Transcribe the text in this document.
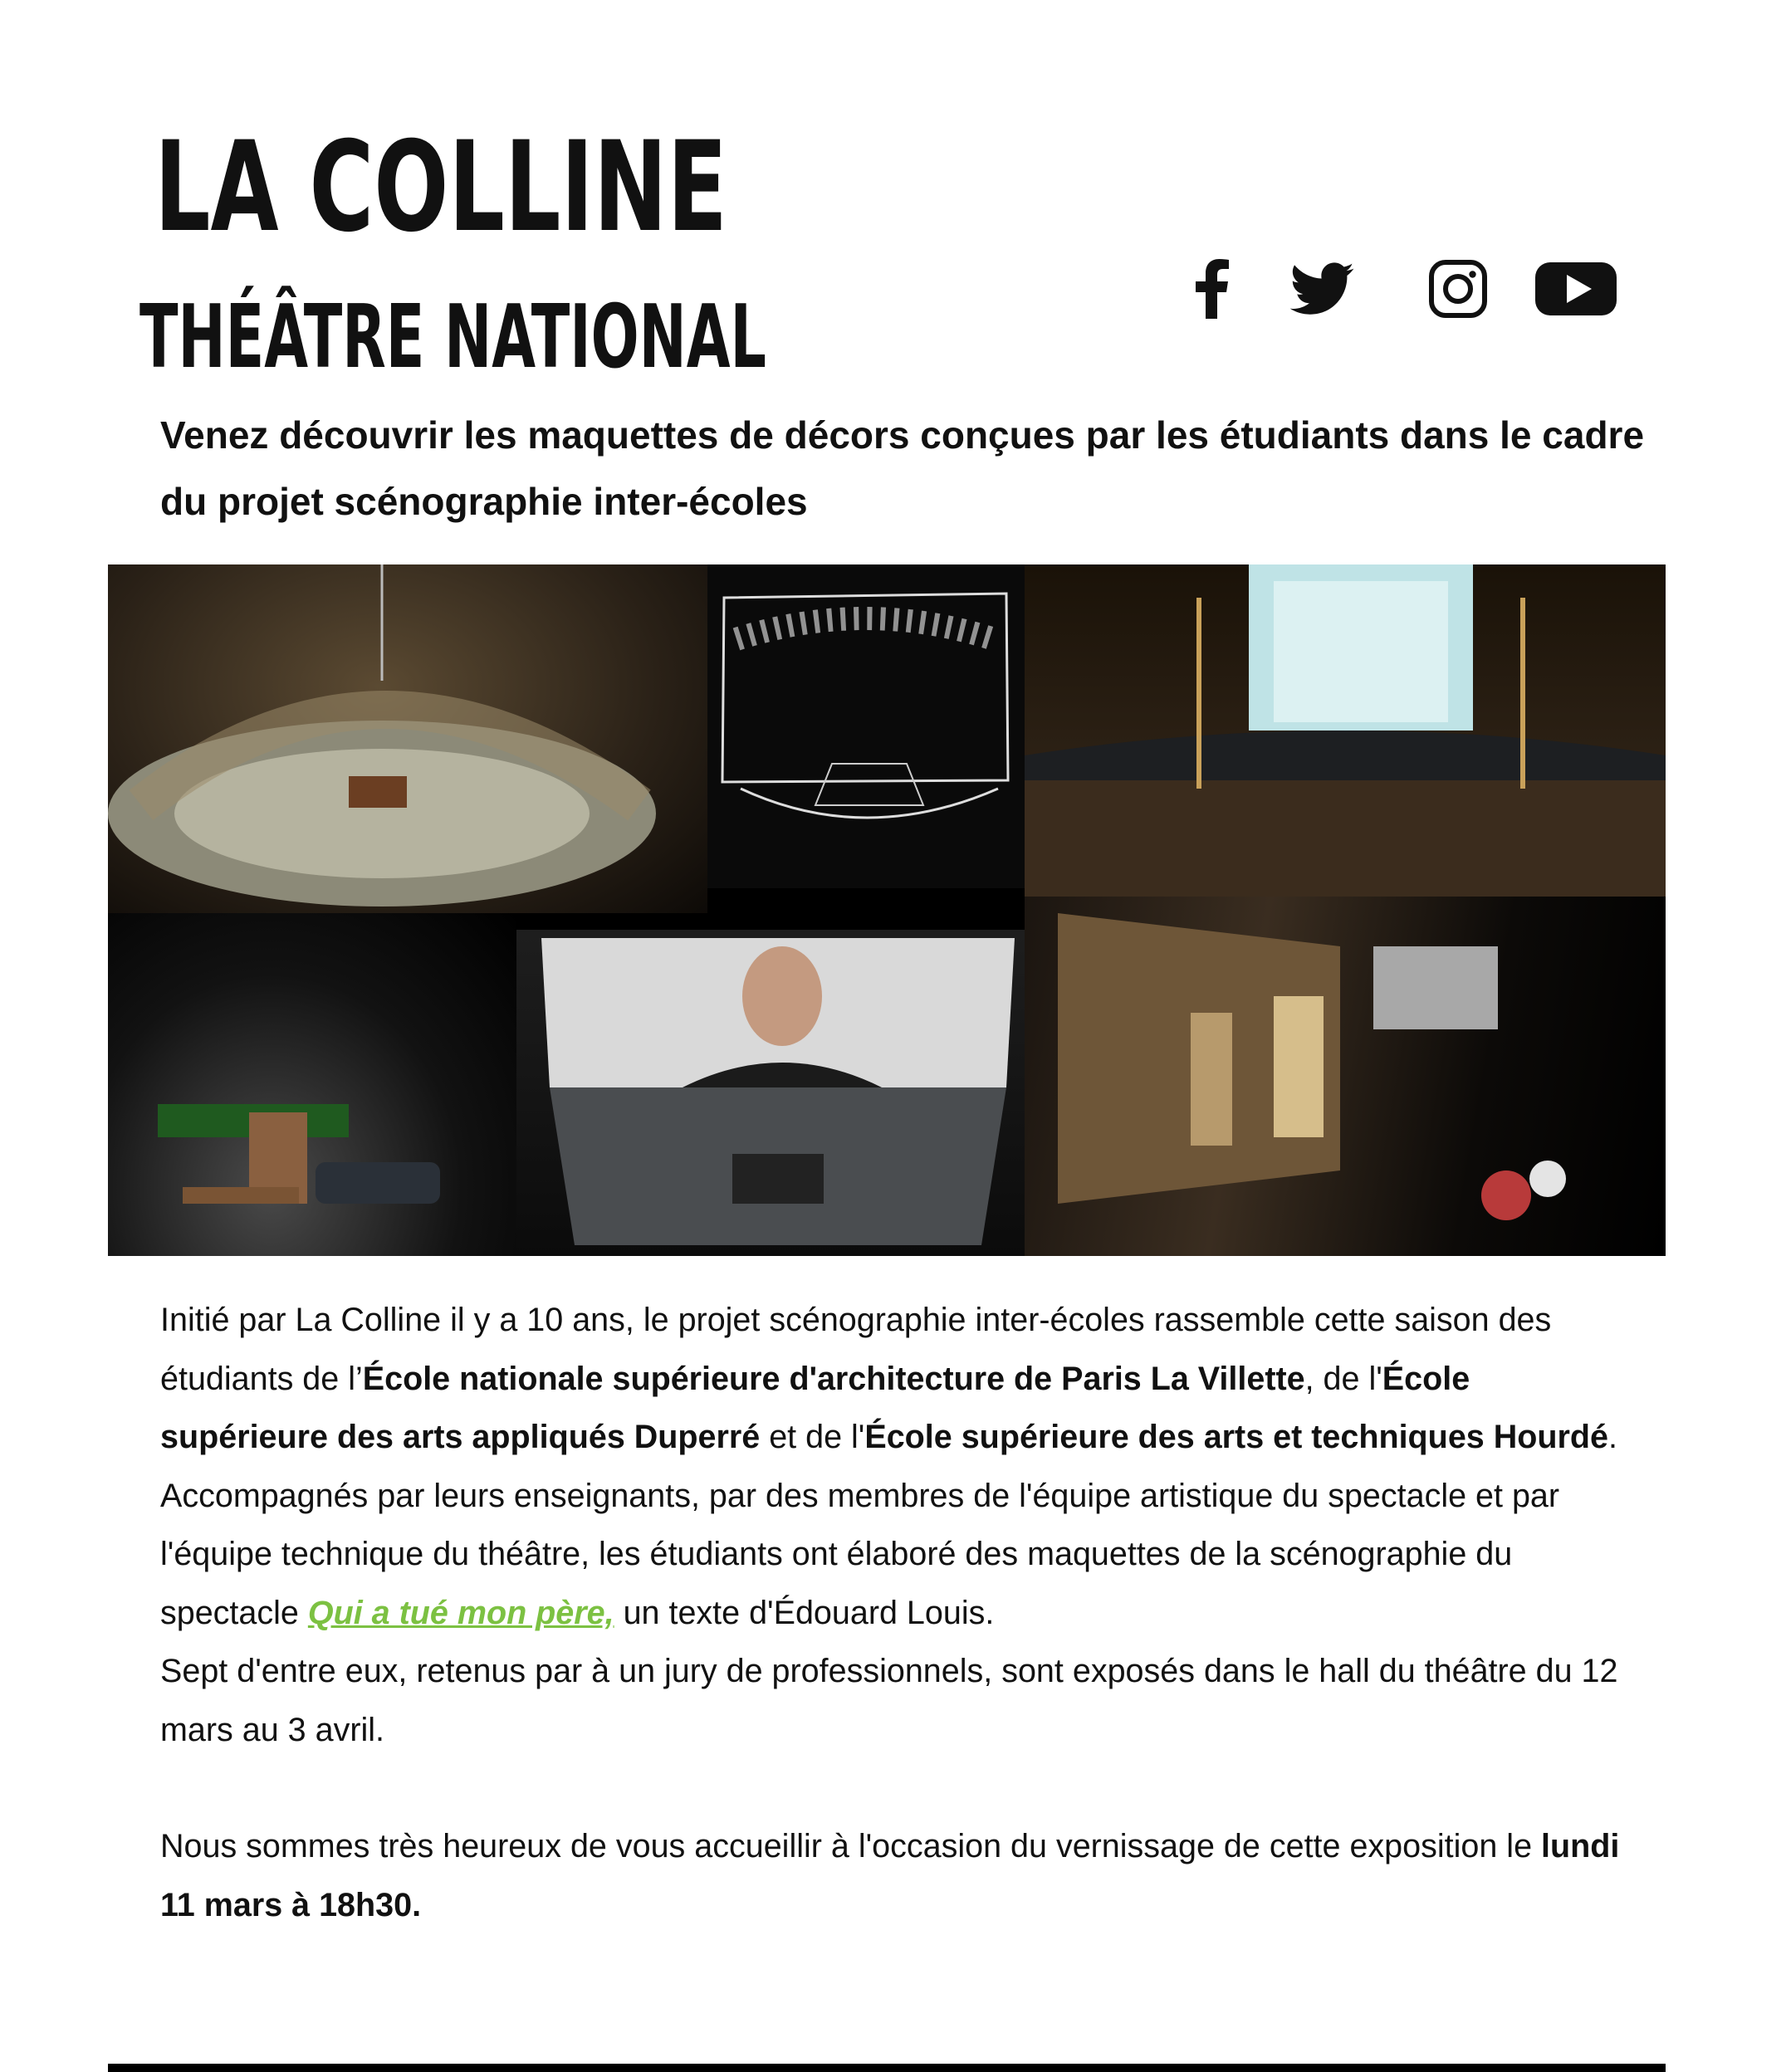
LA COLLINE
THÉÂTRE NATIONAL
Venez découvrir les maquettes de décors conçues par les étudiants dans le cadre du projet scénographie inter-écoles

Initié par La Colline il y a 10 ans, le projet scénographie inter-écoles rassemble cette saison des étudiants de l’École nationale supérieure d'architecture de Paris La Villette, de l'École supérieure des arts appliqués Duperré et de l'École supérieure des arts et techniques Hourdé.

Accompagnés par leurs enseignants, par des membres de l'équipe artistique du spectacle et par l'équipe technique du théâtre, les étudiants ont élaboré des maquettes de la scénographie du spectacle Qui a tué mon père, un texte d'Édouard Louis.

Sept d'entre eux, retenus par à un jury de professionnels, sont exposés dans le hall du théâtre du 12 mars au 3 avril.

Nous sommes très heureux de vous accueillir à l'occasion du vernissage de cette exposition le lundi 11 mars à 18h30.
